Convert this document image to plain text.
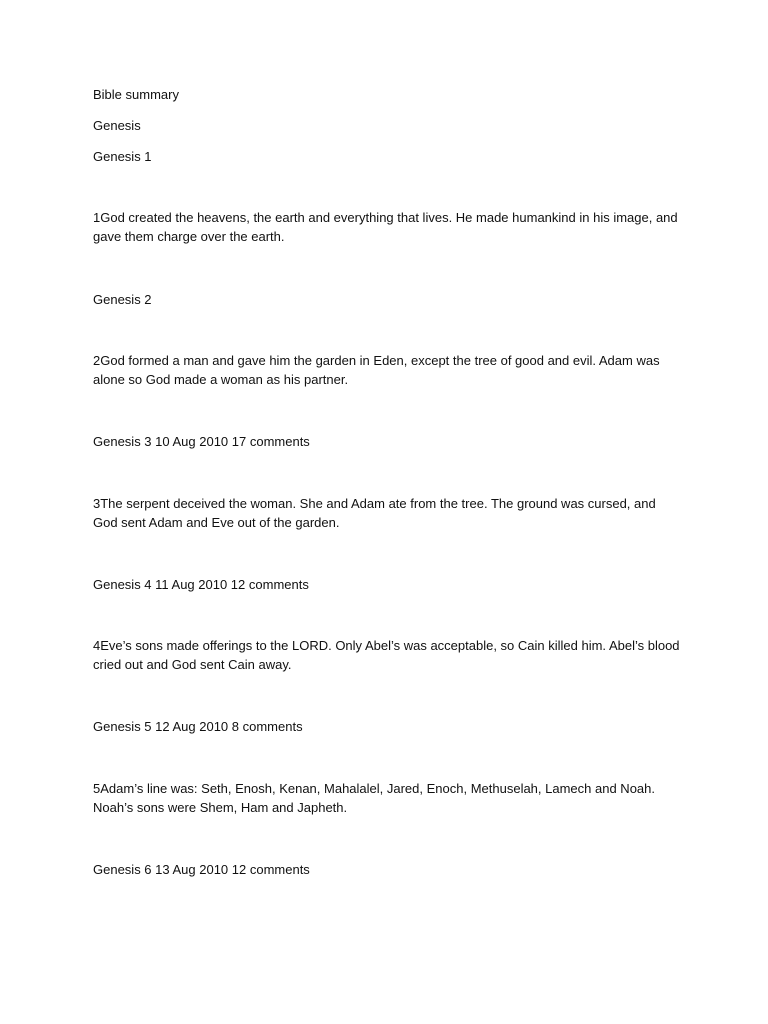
Bible summary

Genesis

Genesis 1

1God created the heavens, the earth and everything that lives. He made humankind in his image, and gave them charge over the earth.

Genesis 2

2God formed a man and gave him the garden in Eden, except the tree of good and evil. Adam was alone so God made a woman as his partner.

Genesis 3 10 Aug 2010 17 comments

3The serpent deceived the woman. She and Adam ate from the tree. The ground was cursed, and God sent Adam and Eve out of the garden.

Genesis 4 11 Aug 2010 12 comments

4Eve’s sons made offerings to the LORD. Only Abel’s was acceptable, so Cain killed him. Abel’s blood cried out and God sent Cain away.

Genesis 5 12 Aug 2010 8 comments

5Adam’s line was: Seth, Enosh, Kenan, Mahalalel, Jared, Enoch, Methuselah, Lamech and Noah. Noah’s sons were Shem, Ham and Japheth.

Genesis 6 13 Aug 2010 12 comments
